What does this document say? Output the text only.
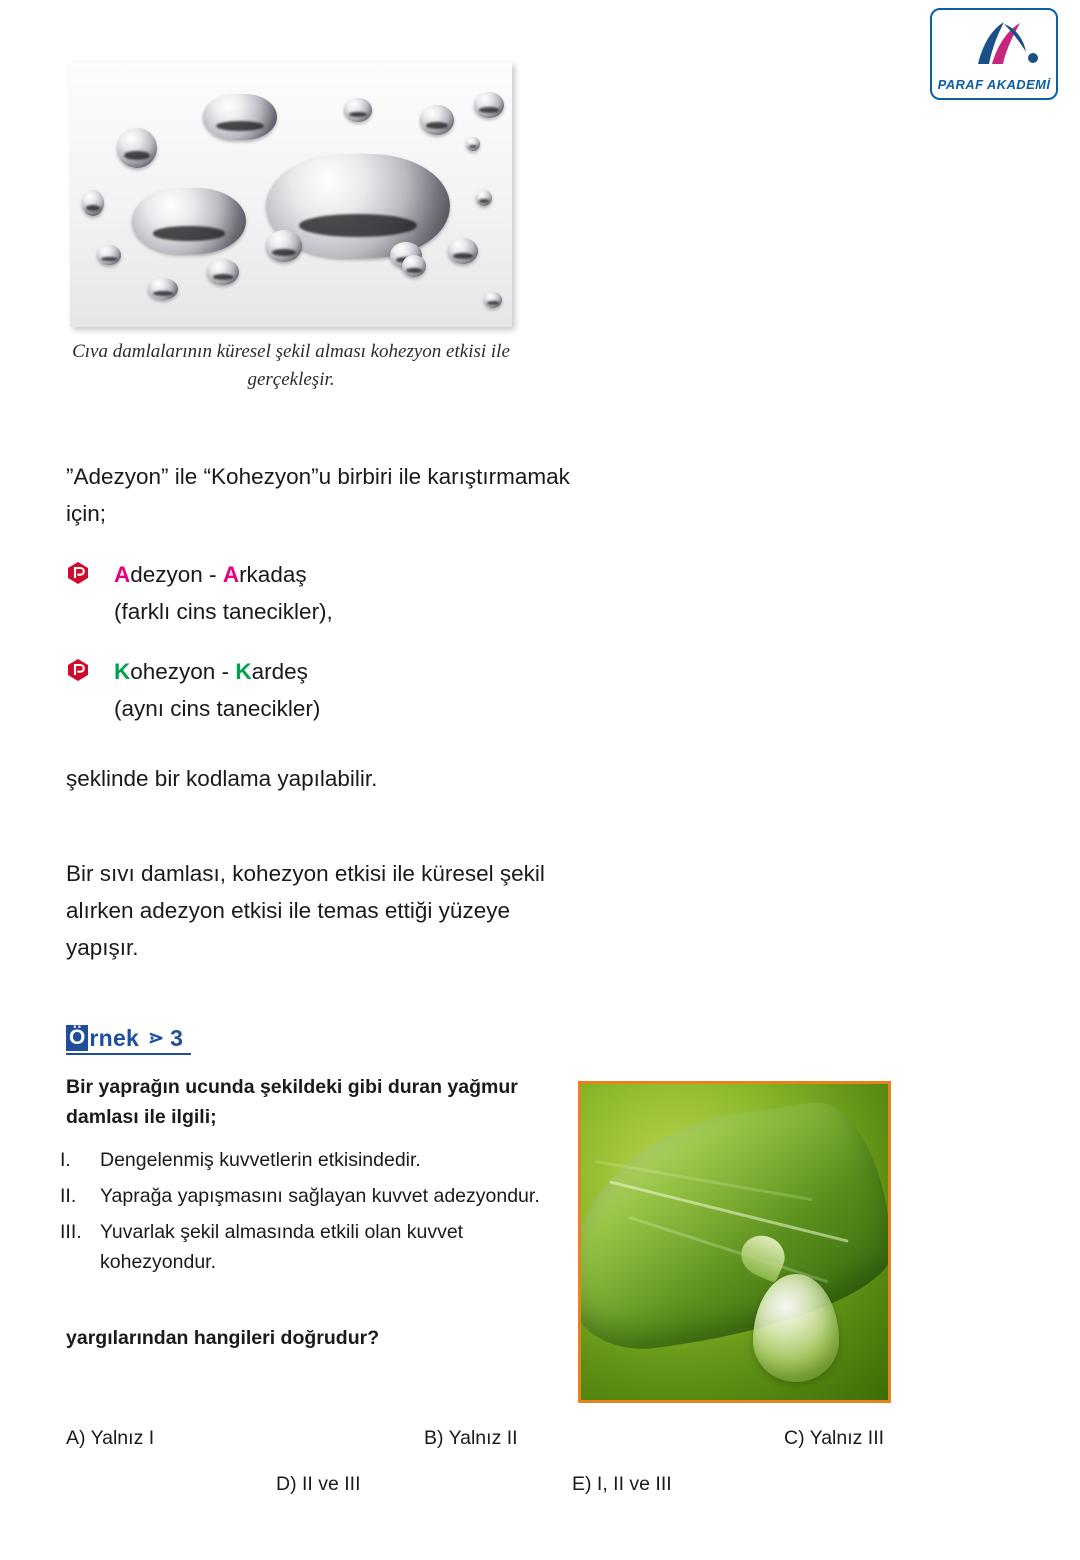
PARAF AKADEMİ
Cıva damlalarının küresel şekil alması kohezyon etkisi ile gerçekleşir.
”Adezyon” ile “Kohezyon”u birbiri ile karıştırmamak için;
Adezyon - Arkadaş
(farklı cins tanecikler),
Kohezyon - Kardeş
(aynı cins tanecikler)
şeklinde bir kodlama yapılabilir.
Bir sıvı damlası, kohezyon etkisi ile küresel şekil alırken adezyon etkisi ile temas ettiği yüzeye yapışır.
Ö rnek ⋗ 3
Bir yaprağın ucunda şekildeki gibi duran yağmur damlası ile ilgili;
I.	Dengelenmiş kuvvetlerin etkisindedir.
II.	Yaprağa yapışmasını sağlayan kuvvet adezyondur.
III. Yuvarlak şekil almasında etkili olan kuvvet kohezyondur.
yargılarından hangileri doğrudur?
A) Yalnız I	B) Yalnız II	C) Yalnız III
D) II ve III	E) I, II ve III
